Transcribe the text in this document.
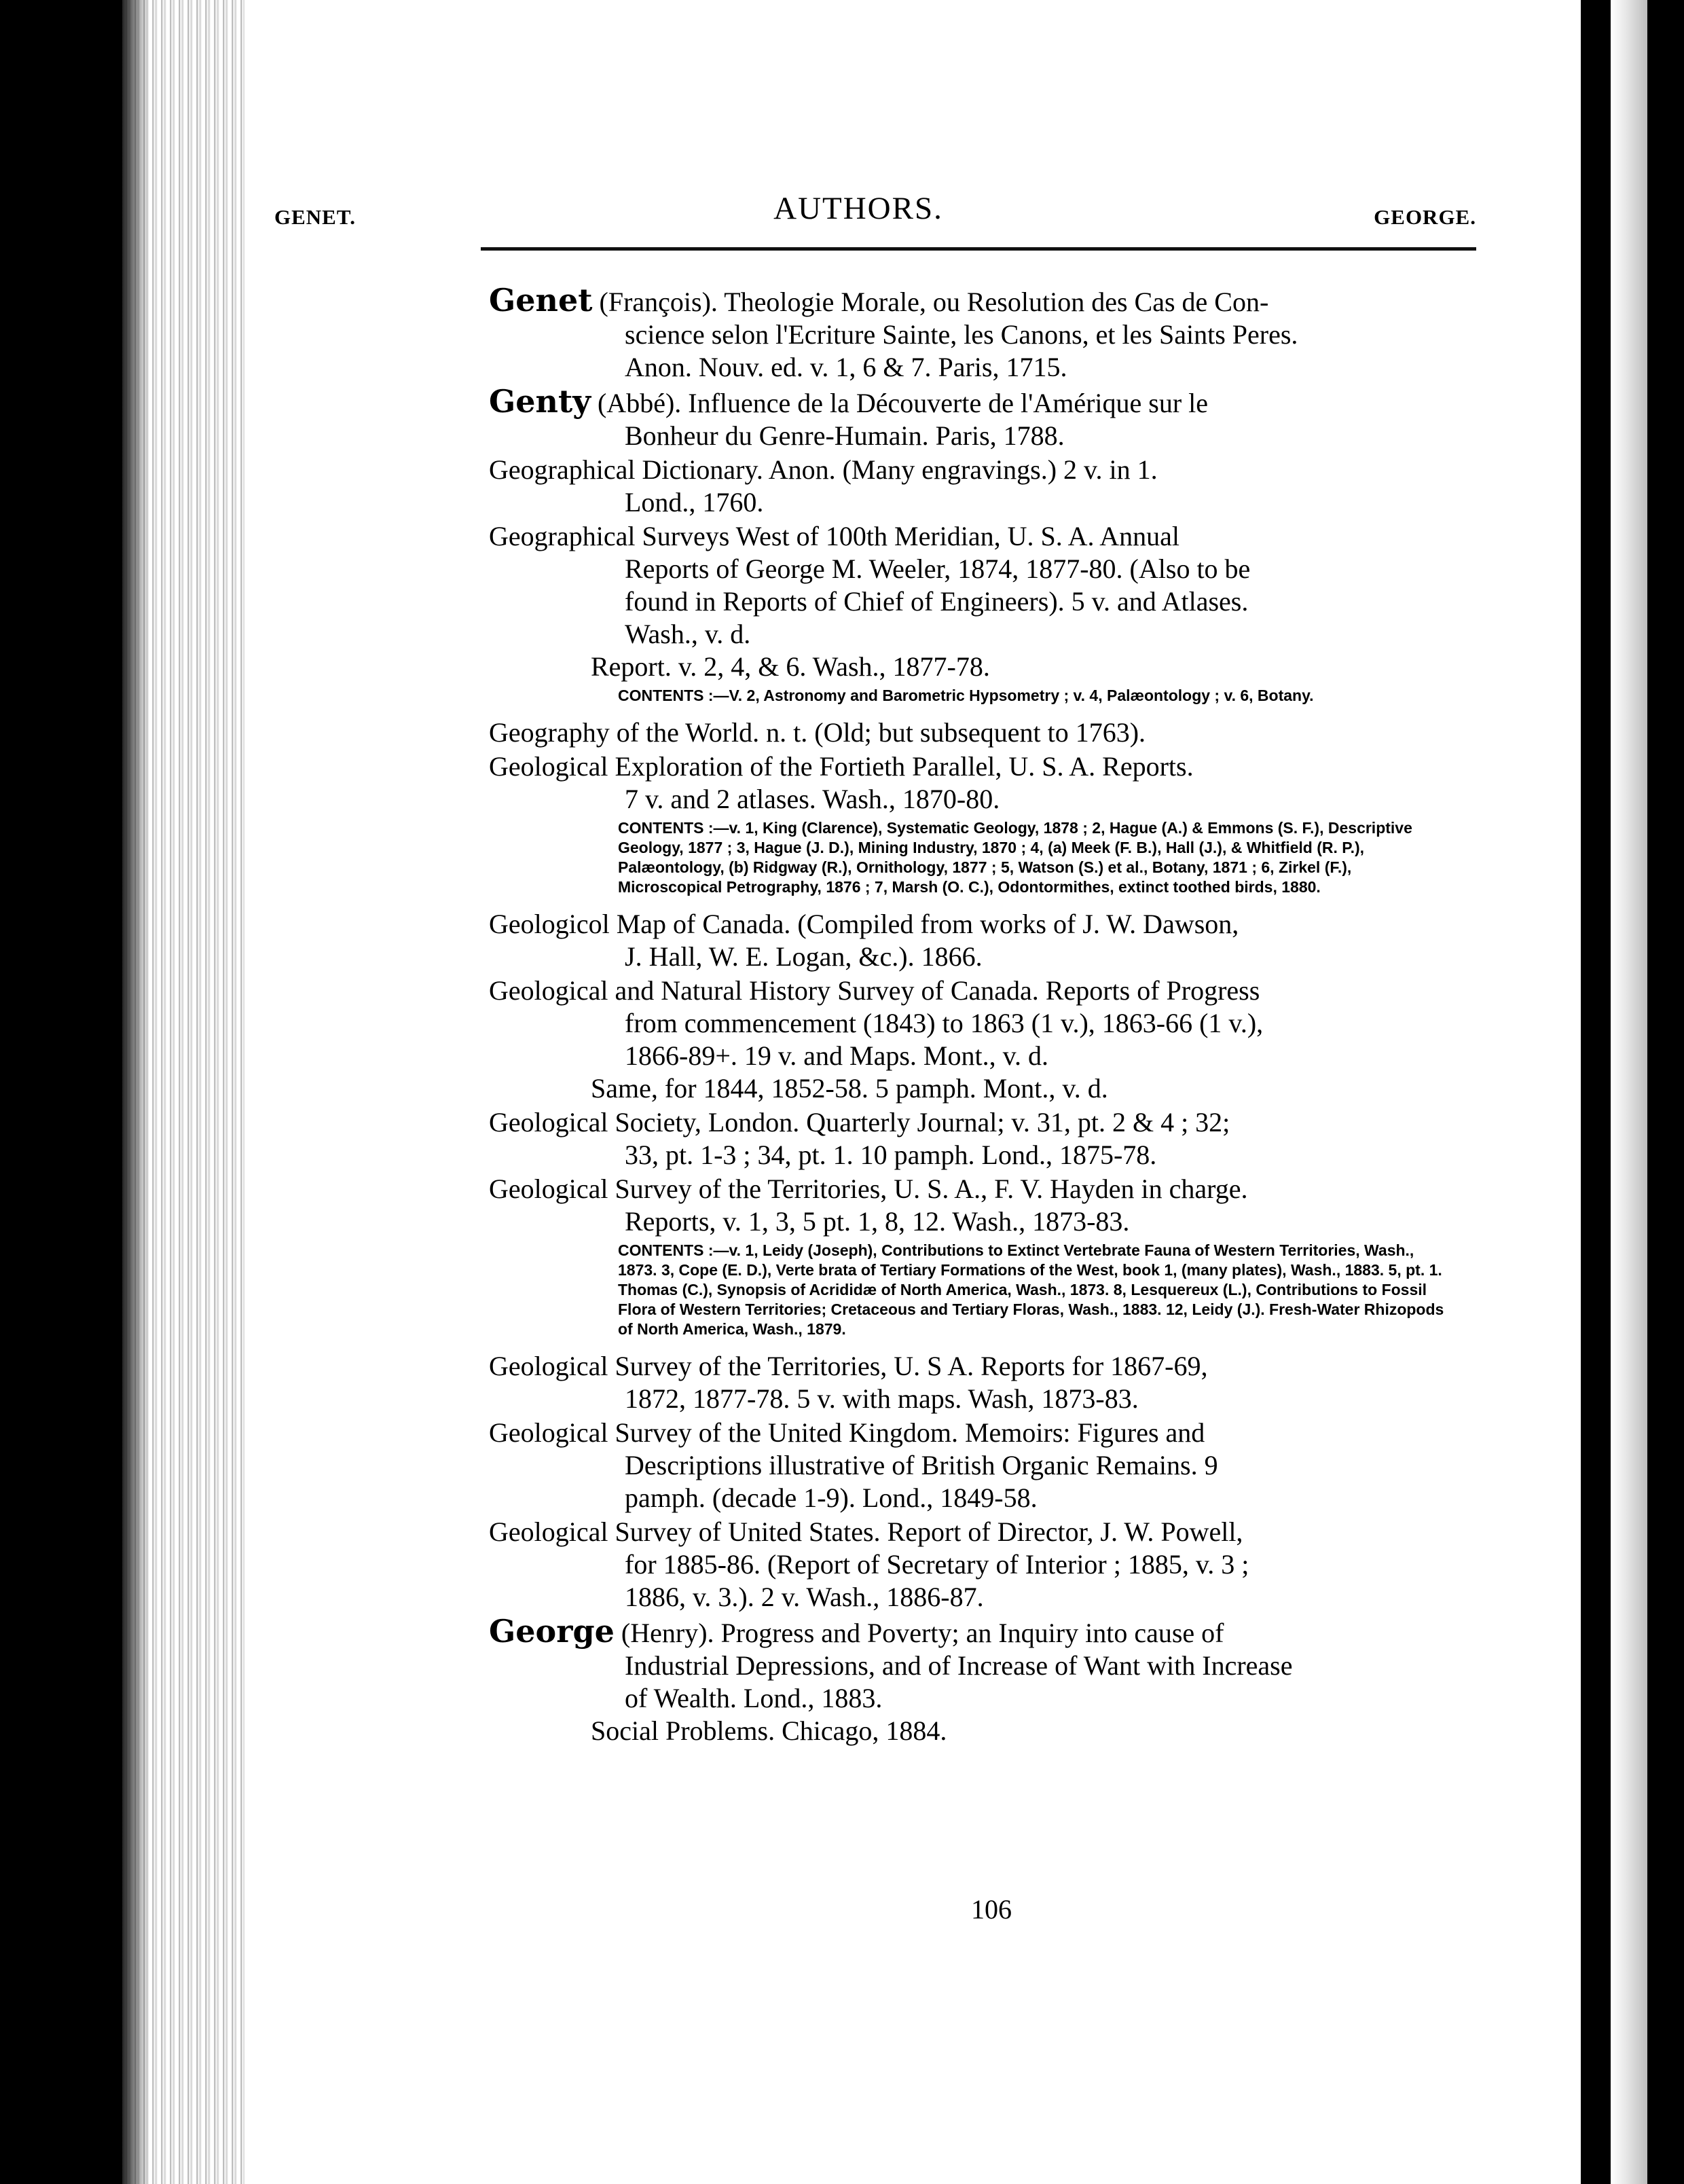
GENET.	AUTHORS.	GEORGE.
Genet (François). Theologie Morale, ou Resolution des Cas de Con-
science selon l'Ecriture Sainte, les Canons, et les Saints Peres.
Anon. Nouv. ed. v. 1, 6 & 7. Paris, 1715.
Genty (Abbé). Influence de la Découverte de l'Amérique sur le
Bonheur du Genre-Humain. Paris, 1788.
Geographical Dictionary. Anon. (Many engravings.) 2 v. in 1.
Lond., 1760.
Geographical Surveys West of 100th Meridian, U. S. A. Annual
Reports of George M. Weeler, 1874, 1877-80. (Also to be
found in Reports of Chief of Engineers). 5 v. and Atlases.
Wash., v. d.
Report. v. 2, 4, & 6. Wash., 1877-78.
CONTENTS :—V. 2, Astronomy and Barometric Hypsometry ; v. 4, Palæontology ; v. 6, Botany.
Geography of the World. n. t. (Old; but subsequent to 1763).
Geological Exploration of the Fortieth Parallel, U. S. A. Reports.
7 v. and 2 atlases. Wash., 1870-80.
CONTENTS :—v. 1, King (Clarence), Systematic Geology, 1878 ; 2, Hague (A.) & Emmons (S. F.), Descriptive Geology, 1877 ; 3, Hague (J. D.), Mining Industry, 1870 ; 4, (a) Meek (F. B.), Hall (J.), & Whitfield (R. P.), Palæontology, (b) Ridgway (R.), Ornithology, 1877 ; 5, Watson (S.) et al., Botany, 1871 ; 6, Zirkel (F.), Microscopical Petrography, 1876 ; 7, Marsh (O. C.), Odontormithes, extinct toothed birds, 1880.
Geologicol Map of Canada. (Compiled from works of J. W. Dawson,
J. Hall, W. E. Logan, &c.). 1866.
Geological and Natural History Survey of Canada. Reports of Progress
from commencement (1843) to 1863 (1 v.), 1863-66 (1 v.),
1866-89+. 19 v. and Maps. Mont., v. d.
Same, for 1844, 1852-58. 5 pamph. Mont., v. d.
Geological Society, London. Quarterly Journal; v. 31, pt. 2 & 4 ; 32;
33, pt. 1-3 ; 34, pt. 1. 10 pamph. Lond., 1875-78.
Geological Survey of the Territories, U. S. A., F. V. Hayden in charge.
Reports, v. 1, 3, 5 pt. 1, 8, 12. Wash., 1873-83.
CONTENTS :—v. 1, Leidy (Joseph), Contributions to Extinct Vertebrate Fauna of Western Territories, Wash., 1873. 3, Cope (E. D.), Verte brata of Tertiary Formations of the West, book 1, (many plates), Wash., 1883. 5, pt. 1. Thomas (C.), Synopsis of Acrididæ of North America, Wash., 1873. 8, Lesquereux (L.), Contributions to Fossil Flora of Western Territories; Cretaceous and Tertiary Floras, Wash., 1883. 12, Leidy (J.). Fresh-Water Rhizopods of North America, Wash., 1879.
Geological Survey of the Territories, U. S A. Reports for 1867-69,
1872, 1877-78. 5 v. with maps. Wash, 1873-83.
Geological Survey of the United Kingdom. Memoirs: Figures and
Descriptions illustrative of British Organic Remains. 9
pamph. (decade 1-9). Lond., 1849-58.
Geological Survey of United States. Report of Director, J. W. Powell,
for 1885-86. (Report of Secretary of Interior ; 1885, v. 3 ;
1886, v. 3.). 2 v. Wash., 1886-87.
George (Henry). Progress and Poverty; an Inquiry into cause of
Industrial Depressions, and of Increase of Want with Increase
of Wealth. Lond., 1883.
Social Problems. Chicago, 1884.
106
